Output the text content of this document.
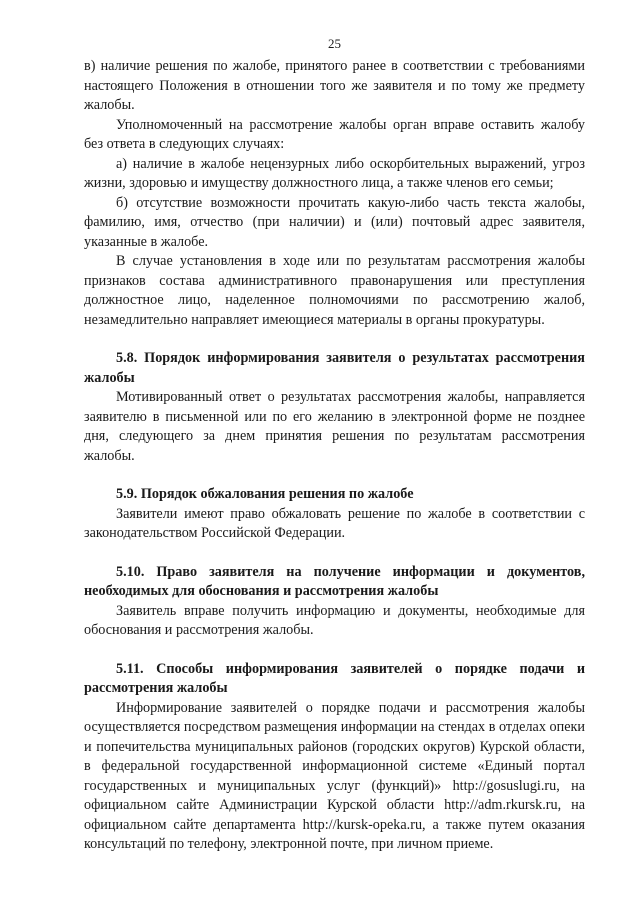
25

в) наличие решения по жалобе, принятого ранее в соответствии с требованиями настоящего Положения в отношении того же заявителя и по тому же предмету жалобы.

Уполномоченный на рассмотрение жалобы орган вправе оставить жалобу без ответа в следующих случаях:

а) наличие в жалобе нецензурных либо оскорбительных выражений, угроз жизни, здоровью и имуществу должностного лица, а также членов его семьи;

б) отсутствие возможности прочитать какую-либо часть текста жалобы, фамилию, имя, отчество (при наличии) и (или) почтовый адрес заявителя, указанные в жалобе.

В случае установления в ходе или по результатам рассмотрения жалобы признаков состава административного правонарушения или преступления должностное лицо, наделенное полномочиями по рассмотрению жалоб, незамедлительно направляет имеющиеся материалы в органы прокуратуры.

5.8. Порядок информирования заявителя о результатах рассмотрения жалобы

Мотивированный ответ о результатах рассмотрения жалобы, направляется заявителю в письменной или по его желанию в электронной форме не позднее дня, следующего за днем принятия решения по результатам рассмотрения жалобы.

5.9. Порядок обжалования решения по жалобе

Заявители имеют право обжаловать решение по жалобе в соответствии с законодательством Российской Федерации.

5.10. Право заявителя на получение информации и документов, необходимых для обоснования и рассмотрения жалобы

Заявитель вправе получить информацию и документы, необходимые для обоснования и рассмотрения жалобы.

5.11. Способы информирования заявителей о порядке подачи и рассмотрения жалобы

Информирование заявителей о порядке подачи и рассмотрения жалобы осуществляется посредством размещения информации на стендах в отделах опеки и попечительства муниципальных районов (городских округов) Курской области, в федеральной государственной информационной системе «Единый портал государственных и муниципальных услуг (функций)» http://gosuslugi.ru, на официальном сайте Администрации Курской области http://adm.rkursk.ru, на официальном сайте департамента http://kursk-opeka.ru, а также путем оказания консультаций по телефону, электронной почте, при личном приеме.
